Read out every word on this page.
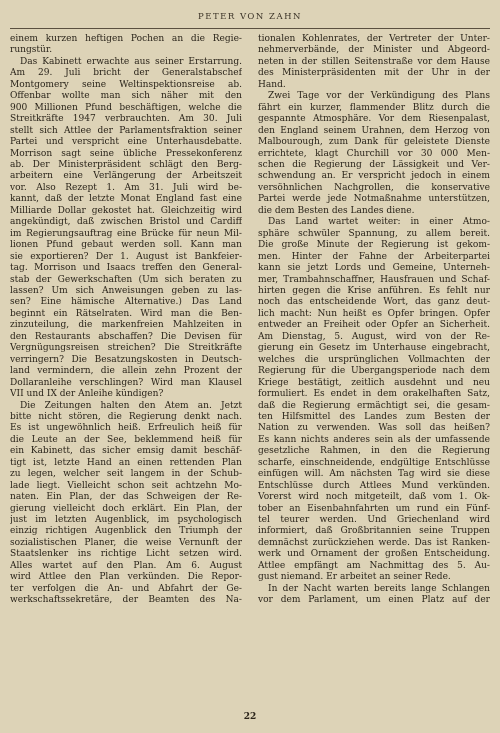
PETER VON ZAHN
einem kurzen heftigen Pochen an die Regie-
rungstür.
Das Kabinett erwachte aus seiner Erstarrung.
Am 29. Juli bricht der Generalstabschef
Montgomery seine Weltinspektionsreise ab.
Offenbar wollte man sich näher mit den
900 Millionen Pfund beschäftigen, welche die
Streitkräfte 1947 verbrauchten. Am 30. Juli
stellt sich Attlee der Parlamentsfraktion seiner
Partei und verspricht eine Unterhausdebatte.
Morrison sagt seine übliche Pressekonferenz
ab. Der Ministerpräsident schlägt den Berg-
arbeitern eine Verlängerung der Arbeitszeit
vor. Also Rezept 1. Am 31. Juli wird be-
kannt, daß der letzte Monat England fast eine
Milliarde Dollar gekostet hat. Gleichzeitig wird
angekündigt, daß zwischen Bristol und Cardiff
im Regierungsauftrag eine Brücke für neun Mil-
lionen Pfund gebaut werden soll. Kann man
sie exportieren? Der 1. August ist Bankfeier-
tag. Morrison und Isaacs treffen den General-
stab der Gewerkschaften (Um sich beraten zu
lassen? Um sich Anweisungen geben zu las-
sen? Eine hämische Alternative.) Das Land
beginnt ein Rätselraten. Wird man die Ben-
zinzuteilung, die markenfreien Mahlzeiten in
den Restaurants abschaffen? Die Devisen für
Vergnügungsreisen streichen? Die Streitkräfte
verringern? Die Besatzungskosten in Deutsch-
land vermindern, die allein zehn Prozent der
Dollaranleihe verschlingen? Wird man Klausel
VII und IX der Anleihe kündigen?
Die Zeitungen halten den Atem an. Jetzt
bitte nicht stören, die Regierung denkt nach.
Es ist ungewöhnlich heiß. Erfreulich heiß für
die Leute an der See, beklemmend heiß für
ein Kabinett, das sicher emsig damit beschäf-
tigt ist, letzte Hand an einen rettenden Plan
zu legen, welcher seit langem in der Schub-
lade liegt. Vielleicht schon seit achtzehn Mo-
naten. Ein Plan, der das Schweigen der Re-
gierung vielleicht doch erklärt. Ein Plan, der
just im letzten Augenblick, im psychologisch
einzig richtigen Augenblick den Triumph der
sozialistischen Planer, die weise Vernunft der
Staatslenker ins richtige Licht setzen wird.
Alles wartet auf den Plan. Am 6. August
wird Attlee den Plan verkünden. Die Repor-
ter verfolgen die An- und Abfahrt der Ge-
werkschaftssekretäre, der Beamten des Na-
tionalen Kohlenrates, der Vertreter der Unter-
nehmerverbände, der Minister und Abgeord-
neten in der stillen Seitenstraße vor dem Hause
des Ministerpräsidenten mit der Uhr in der
Hand.
Zwei Tage vor der Verkündigung des Plans
fährt ein kurzer, flammender Blitz durch die
gespannte Atmosphäre. Vor dem Riesenpalast,
den England seinem Urahnen, dem Herzog von
Malbourough, zum Dank für geleistete Dienste
errichtete, klagt Churchill vor 30 000 Men-
schen die Regierung der Lässigkeit und Ver-
schwendung an. Er verspricht jedoch in einem
versöhnlichen Nachgrollen, die konservative
Partei werde jede Notmaßnahme unterstützen,
die dem Besten des Landes diene.
Das Land wartet weiter: in einer Atmo-
sphäre schwüler Spannung, zu allem bereit.
Die große Minute der Regierung ist gekom-
men. Hinter der Fahne der Arbeiterpartei
kann sie jetzt Lords und Gemeine, Unterneh-
mer, Trambahnschaffner, Hausfrauen und Schaf-
hirten gegen die Krise anführen. Es fehlt nur
noch das entscheidende Wort, das ganz deut-
lich macht: Nun heißt es Opfer bringen. Opfer
entweder an Freiheit oder Opfer an Sicherheit.
Am Dienstag, 5. August, wird von der Re-
gierung ein Gesetz im Unterhause eingebracht,
welches die ursprünglichen Vollmachten der
Regierung für die Übergangsperiode nach dem
Kriege bestätigt, zeitlich ausdehnt und neu
formuliert. Es endet in dem orakelhaften Satz,
daß die Regierung ermächtigt sei, die gesam-
ten Hilfsmittel des Landes zum Besten der
Nation zu verwenden. Was soll das heißen?
Es kann nichts anderes sein als der umfassende
gesetzliche Rahmen, in den die Regierung
scharfe, einschneidende, endgültige Entschlüsse
einfügen will. Am nächsten Tag wird sie diese
Entschlüsse durch Attlees Mund verkünden.
Vorerst wird noch mitgeteilt, daß vom 1. Ok-
tober an Eisenbahnfahrten um rund ein Fünf-
tel teurer werden. Und Griechenland wird
informiert, daß Großbritannien seine Truppen
demnächst zurückziehen werde. Das ist Ranken-
werk und Ornament der großen Entscheidung.
Attlee empfängt am Nachmittag des 5. Au-
gust niemand. Er arbeitet an seiner Rede.
In der Nacht warten bereits lange Schlangen
vor dem Parlament, um einen Platz auf der
22
